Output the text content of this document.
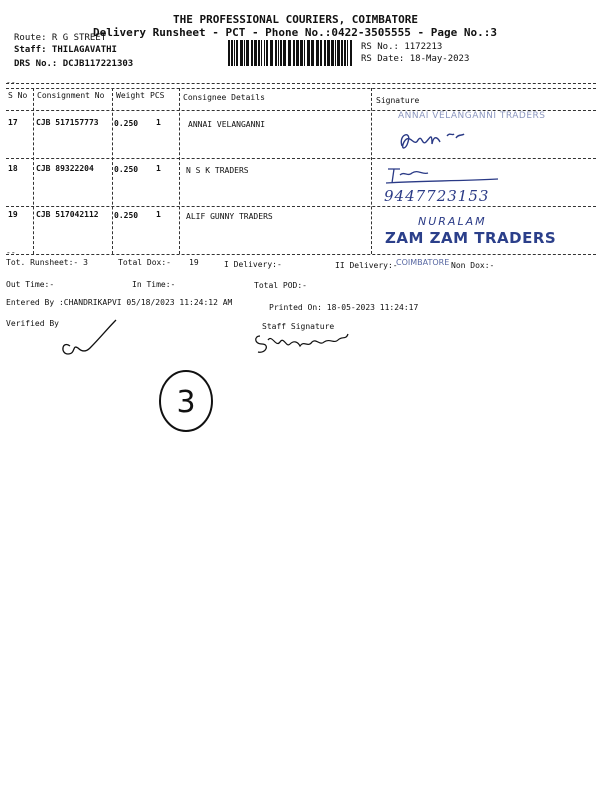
THE PROFESSIONAL COURIERS, COIMBATORE
Delivery Runsheet - PCT - Phone No.:0422-3505555 - Page No.:3
Route: R G STREET
Staff: THILAGAVATHI
DRS No.: DCJB117221303
RS No.: 1172213
RS Date: 18-May-2023
--
S No Consignment No Weight PCS Consignee Details	Signature
17 CJB 517157773 0.250 1	ANNAI VELANGANNI
ANNAI VELANGANNI TRADERS
18 CJB 89322204	0.250 1	N S K TRADERS
9447723153
19 CJB 517042112 0.250 1	ALIF GUNNY TRADERS	NURALAM
ZAM ZAM TRADERS
--
Tot. Runsheet:- 3	Total Dox:- 19	I Delivery:-	II Delivery:-
COIMBATORE Non Dox:-
Out Time:-	In Time:-	Total POD:-
Entered By :CHANDRIKAPVI 05/18/2023 11:24:12 AM
Printed On: 18-05-2023 11:24:17
Verified By	Staff Signature
3
